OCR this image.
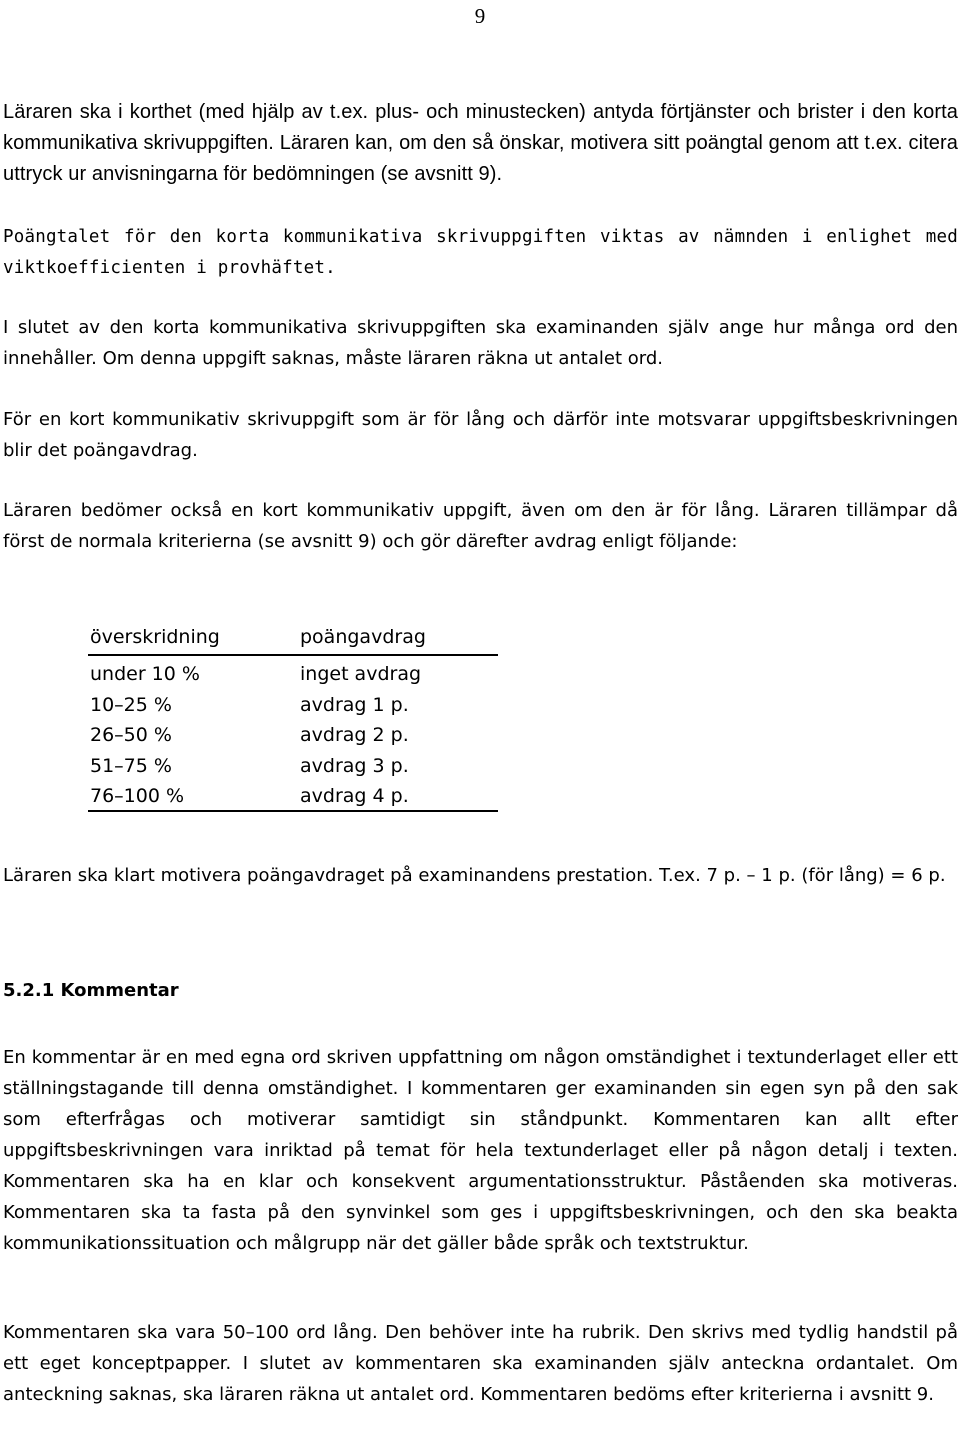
9

Läraren ska i korthet (med hjälp av t.ex. plus- och minustecken) antyda förtjänster och brister i den korta kommunikativa skrivuppgiften. Läraren kan, om den så önskar, motivera sitt poängtal genom att t.ex. citera uttryck ur anvisningarna för bedömningen (se avsnitt 9).

Poängtalet för den korta kommunikativa skrivuppgiften viktas av nämnden i enlighet med viktkoefficienten i provhäftet.

I slutet av den korta kommunikativa skrivuppgiften ska examinanden själv ange hur många ord den innehåller. Om denna uppgift saknas, måste läraren räkna ut antalet ord.

För en kort kommunikativ skrivuppgift som är för lång och därför inte motsvarar uppgiftsbeskrivningen blir det poängavdrag.

Läraren bedömer också en kort kommunikativ uppgift, även om den är för lång. Läraren tillämpar då först de normala kriterierna (se avsnitt 9) och gör därefter avdrag enligt följande:

överskridning	poängavdrag
under 10 %	inget avdrag
10–25 %	avdrag 1 p.
26–50 %	avdrag 2 p.
51–75 %	avdrag 3 p.
76–100 %	avdrag 4 p.

Läraren ska klart motivera poängavdraget på examinandens prestation. T.ex. 7 p. – 1 p. (för lång) = 6 p.

5.2.1 Kommentar

En kommentar är en med egna ord skriven uppfattning om någon omständighet i textunderlaget eller ett ställningstagande till denna omständighet. I kommentaren ger examinanden sin egen syn på den sak som efterfrågas och motiverar samtidigt sin ståndpunkt. Kommentaren kan allt efter uppgiftsbeskrivningen vara inriktad på temat för hela textunderlaget eller på någon detalj i texten. Kommentaren ska ha en klar och konsekvent argumentationsstruktur. Påståenden ska motiveras. Kommentaren ska ta fasta på den synvinkel som ges i uppgiftsbeskrivningen, och den ska beakta kommunikationssituation och målgrupp när det gäller både språk och textstruktur.

Kommentaren ska vara 50–100 ord lång. Den behöver inte ha rubrik. Den skrivs med tydlig handstil på ett eget konceptpapper. I slutet av kommentaren ska examinanden själv anteckna ordantalet. Om anteckning saknas, ska läraren räkna ut antalet ord. Kommentaren bedöms efter kriterierna i avsnitt 9.
